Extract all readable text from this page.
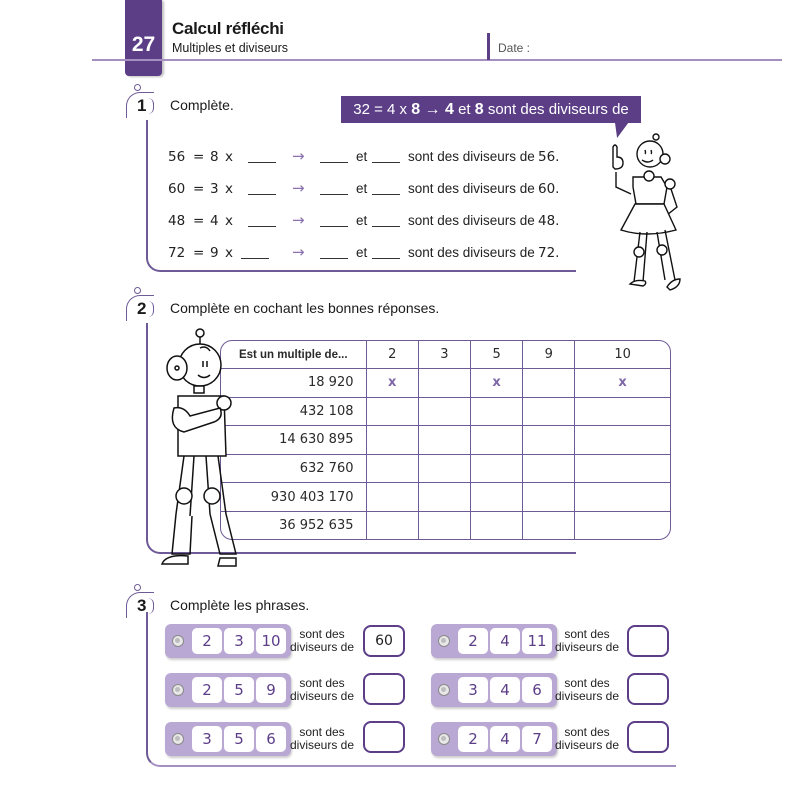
27
Calcul réfléchi
Multiples et diviseurs	Date :
1 Complète.	32 = 4 x 8 → 4 et 8 sont des diviseurs de 32.
56 = 8 x	→	et	sont des diviseurs de 56.
60 = 3 x	→	et	sont des diviseurs de 60.
48 = 4 x	→	et	sont des diviseurs de 48.
72 = 9 x	→	et	sont des diviseurs de 72.
2 Complète en cochant les bonnes réponses.
Est un multiple de...	2	3	5	9	10
18 920	x		x		x
432 108					
14 630 895					
632 760					
930 403 170					
36 952 635					
3 Complète les phrases.
2	3	10	sont des
diviseurs de	60	2	4	11	sont des
diviseurs de
2	5	9	sont des
diviseurs de	3	4	6	sont des
diviseurs de
3	5	6	sont des
diviseurs de	2	4	7	sont des
diviseurs de
